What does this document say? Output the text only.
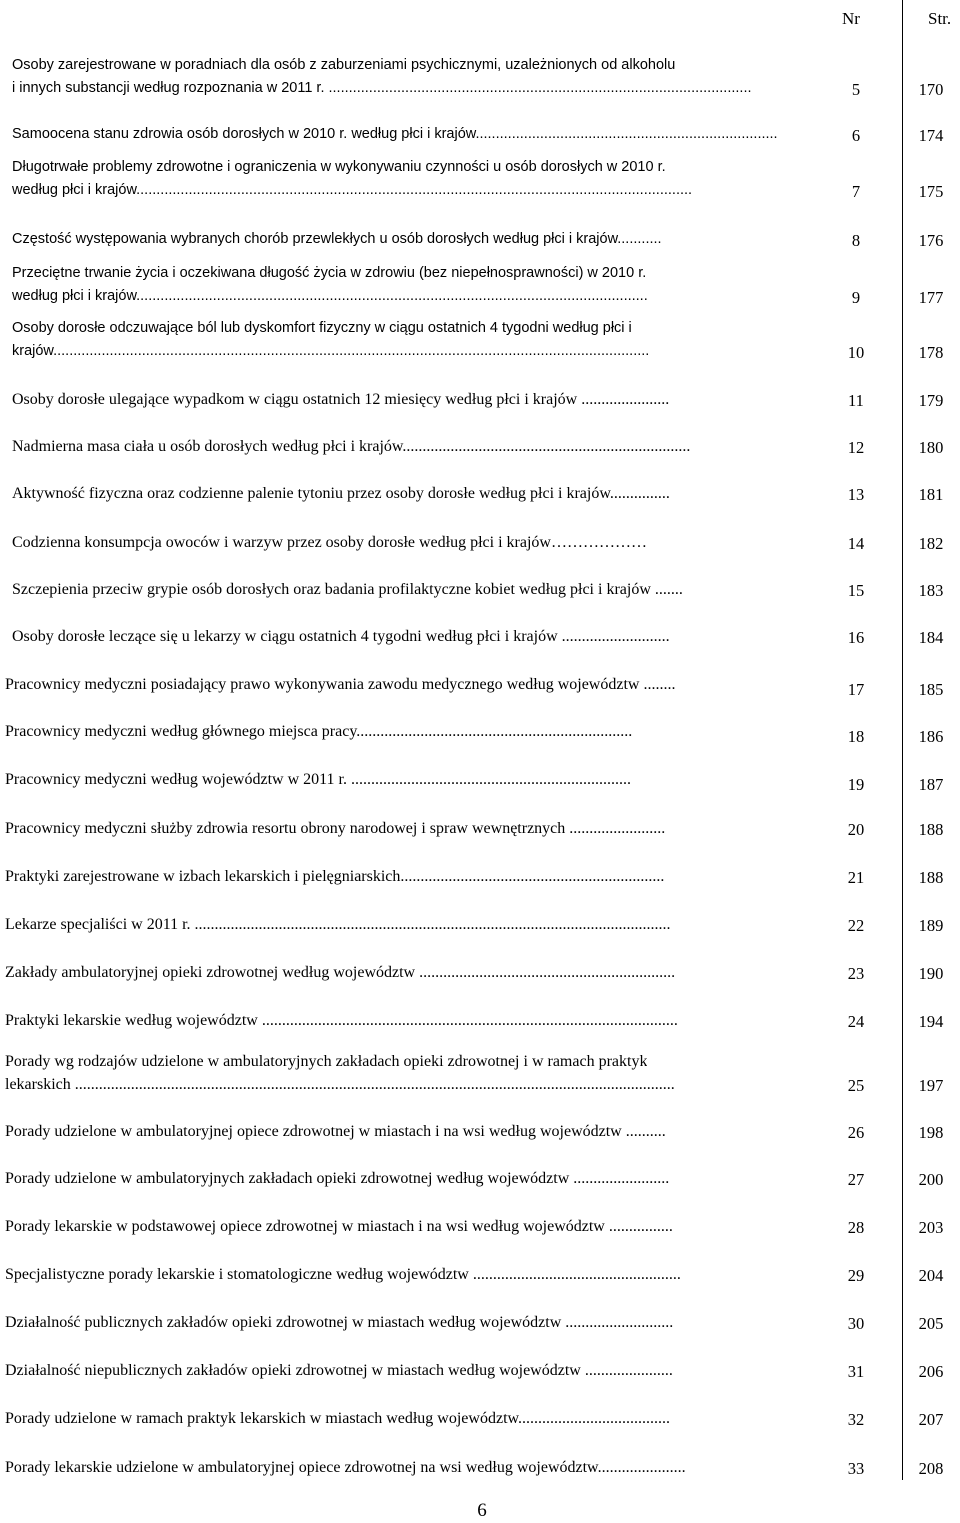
Nr	Str.
Osoby zarejestrowane w poradniach dla osób z zaburzeniami psychicznymi, uzależnionych od alkoholu
i innych substancji według rozpoznania w 2011 r. .........................................................................................................	5	170
Samoocena stanu zdrowia osób dorosłych w 2010 r. według płci i krajów...........................................................................	6	174
Długotrwałe problemy zdrowotne i ograniczenia w wykonywaniu czynności u osób dorosłych w 2010 r.
według płci i krajów..........................................................................................................................................	7	175
Częstość występowania wybranych chorób przewlekłych u osób dorosłych według płci i krajów...........	8	176
Przeciętne trwanie życia i oczekiwana długość życia w zdrowiu (bez niepełnosprawności) w 2010 r.
według płci i krajów...............................................................................................................................	9	177
Osoby dorosłe odczuwające ból lub dyskomfort fizyczny w ciągu ostatnich 4 tygodni według płci i
krajów....................................................................................................................................................	10	178
Osoby dorosłe ulegające wypadkom w ciągu ostatnich 12 miesięcy według płci i krajów ......................	11	179
Nadmierna masa ciała u osób dorosłych według płci i krajów........................................................................	12	180
Aktywność fizyczna oraz codzienne palenie tytoniu przez osoby dorosłe według płci i krajów...............	13	181
Codzienna konsumpcja owoców i warzyw przez osoby dorosłe według płci i krajów………………	14	182
Szczepienia przeciw grypie osób dorosłych oraz badania profilaktyczne kobiet według płci i krajów .......	15	183
Osoby dorosłe leczące się u lekarzy w ciągu ostatnich 4 tygodni według płci i krajów ...........................	16	184
Pracownicy medyczni posiadający prawo wykonywania zawodu medycznego według województw ........	17	185
Pracownicy medyczni według głównego miejsca pracy.....................................................................	18	186
Pracownicy medyczni według województw w 2011 r. ......................................................................	19	187
Pracownicy medyczni służby zdrowia resortu obrony narodowej i spraw wewnętrznych ........................	20	188
Praktyki zarejestrowane w izbach lekarskich i pielęgniarskich..................................................................	21	188
Lekarze specjaliści w 2011 r. .......................................................................................................................	22	189
Zakłady ambulatoryjnej opieki zdrowotnej według województw ................................................................	23	190
Praktyki lekarskie według województw ........................................................................................................	24	194
Porady wg rodzajów udzielone w ambulatoryjnych zakładach opieki zdrowotnej i w ramach praktyk
lekarskich ......................................................................................................................................................	25	197
Porady udzielone w ambulatoryjnej opiece zdrowotnej w miastach i na wsi według województw ..........	26	198
Porady udzielone w ambulatoryjnych zakładach opieki zdrowotnej według województw ........................	27	200
Porady lekarskie w podstawowej opiece zdrowotnej w miastach i na wsi według województw ................	28	203
Specjalistyczne porady lekarskie i stomatologiczne według województw ....................................................	29	204
Działalność publicznych zakładów opieki zdrowotnej w miastach według województw ...........................	30	205
Działalność niepublicznych zakładów opieki zdrowotnej w miastach według województw ......................	31	206
Porady udzielone w ramach praktyk lekarskich w miastach według województw......................................	32	207
Porady lekarskie udzielone w ambulatoryjnej opiece zdrowotnej na wsi według województw......................	33	208
6
